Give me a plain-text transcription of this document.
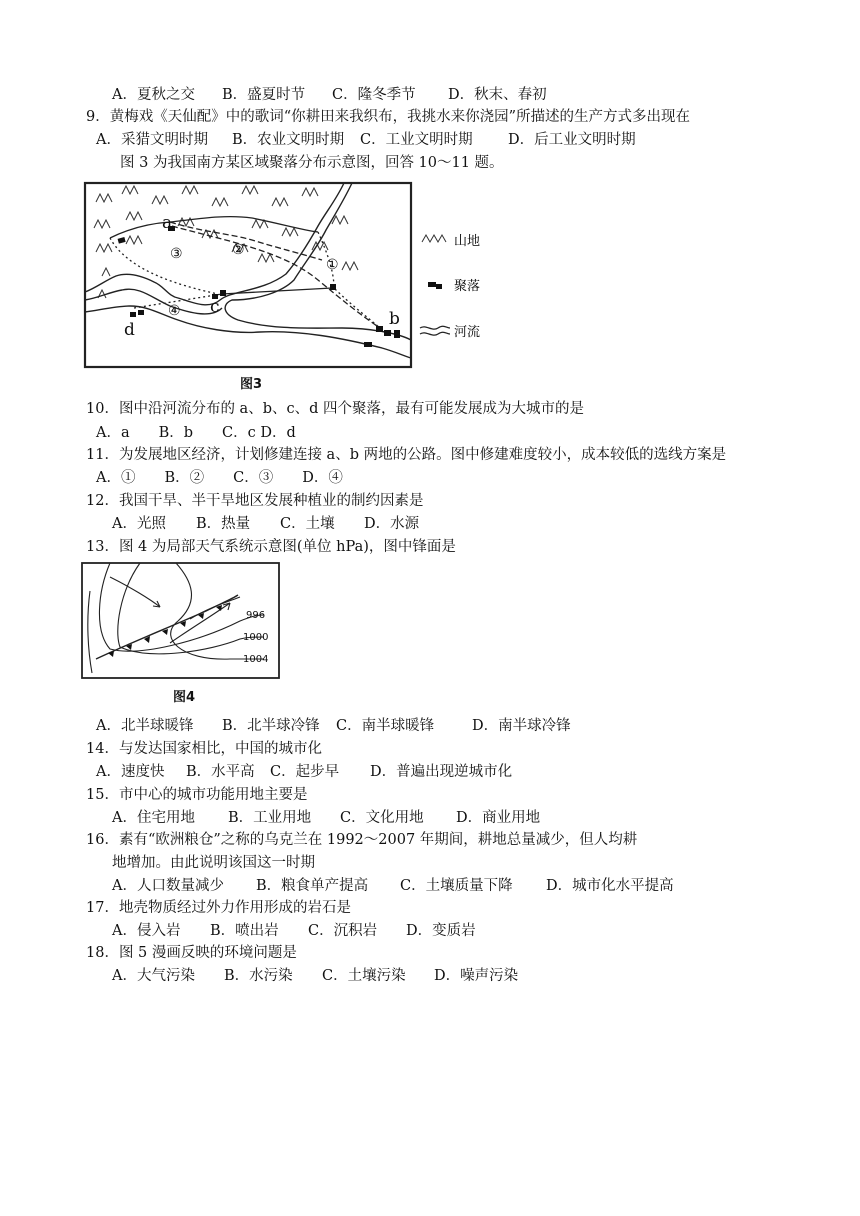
A．夏秋之交 B．盛夏时节 C．隆冬季节 D．秋末、春初
9．黄梅戏《天仙配》中的歌词“你耕田来我织布，我挑水来你浇园”所描述的生产方式多出现在
A．采猎文明时期 B．农业文明时期 C．工业文明时期 D．后工业文明时期
图 3 为我国南方某区域聚落分布示意图，回答 10～11 题。
a
b
c
d
①
②
③
④
山地
聚落
河流
图3
10．图中沿河流分布的 a、b、c、d 四个聚落，最有可能发展成为大城市的是
A．a　　B．b　　C．c D．d
11．为发展地区经济，计划修建连接 a、b 两地的公路。图中修建难度较小，成本较低的选线方案是
A．①　　B．②　　C．③　　D．④
12．我国干旱、半干旱地区发展种植业的制约因素是
A．光照 B．热量 C．土壤 D．水源
13．图 4 为局部天气系统示意图(单位 hPa)，图中锋面是
996
1000
1004
图4
A．北半球暖锋 B．北半球冷锋 C．南半球暖锋	D．南半球冷锋
14．与发达国家相比，中国的城市化
A．速度快 B．水平高 C．起步早 D．普遍出现逆城市化
15．市中心的城市功能用地主要是
A．住宅用地 B．工业用地 C．文化用地 D．商业用地
16．素有“欧洲粮仓”之称的乌克兰在 1992～2007 年期间，耕地总量减少，但人均耕
地增加。由此说明该国这一时期
A．人口数量减少 B．粮食单产提高 C．土壤质量下降 D．城市化水平提高
17．地壳物质经过外力作用形成的岩石是
A．侵入岩 B．喷出岩 C．沉积岩 D．变质岩
18．图 5 漫画反映的环境问题是
A．大气污染 B．水污染 C．土壤污染 D．噪声污染
